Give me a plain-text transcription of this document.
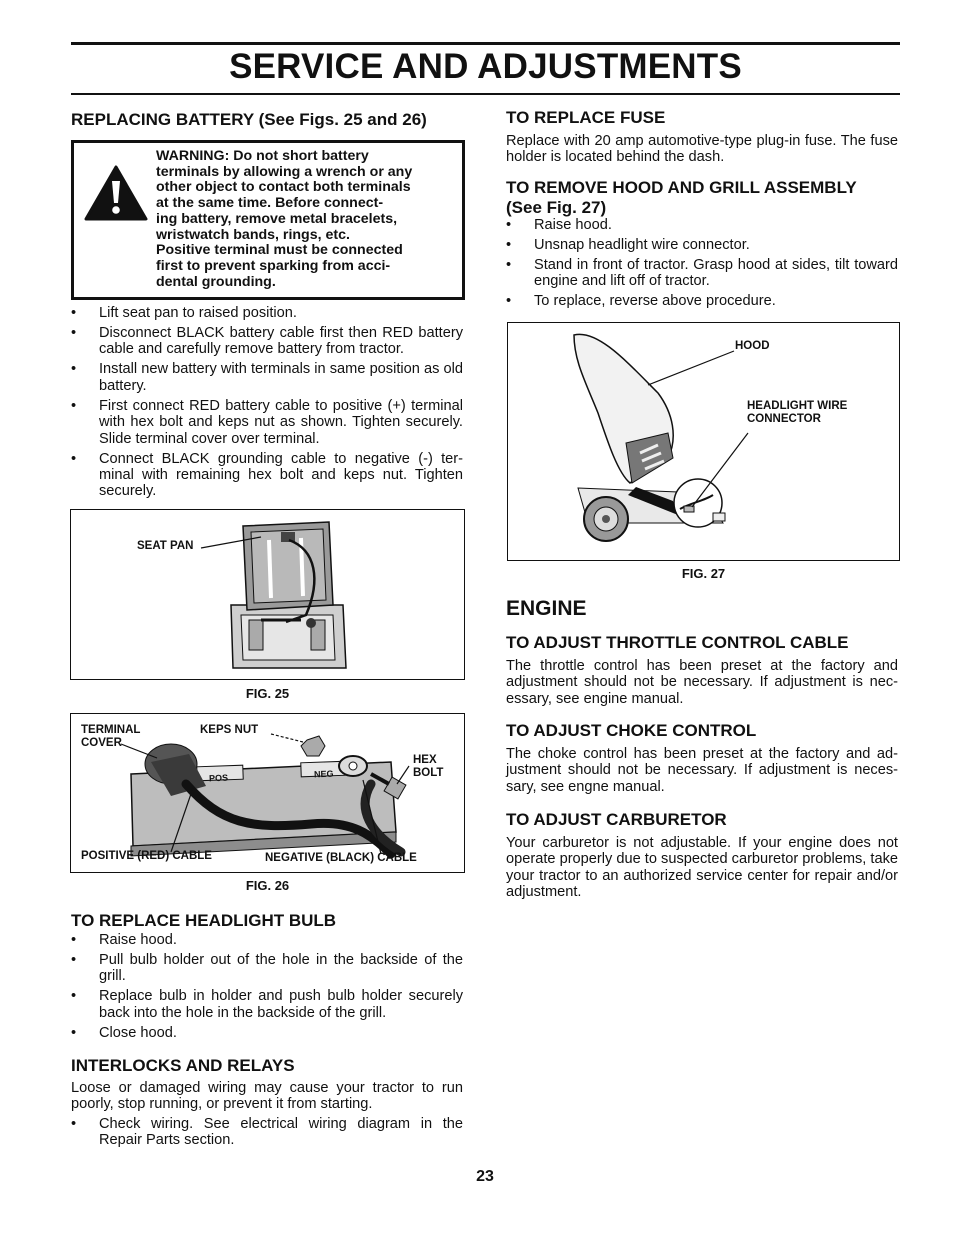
SERVICE AND ADJUSTMENTS
REPLACING BATTERY (See Figs. 25 and 26)
WARNING: Do not short battery
terminals by allowing a wrench or any
other object to contact both terminals
at the same time. Before connect-
ing battery, remove metal bracelets,
wristwatch bands, rings, etc.
Positive terminal must be connected
first to prevent sparking from acci-
dental grounding.
• Lift seat pan to raised position.
• Disconnect BLACK battery cable first then RED battery cable and carefully remove battery from tractor.
• Install new battery with terminals in same position as old battery.
• First connect RED battery cable to positive (+) terminal with hex bolt and keps nut as shown. Tighten securely. Slide terminal cover over terminal.
• Connect BLACK grounding cable to negative (-) ter-minal with remaining hex bolt and keps nut. Tighten securely.
SEAT PAN
FIG. 25
POS	NEG
TERMINAL
COVER
KEPS NUT
HEX
BOLT
POSITIVE (RED) CABLE	NEGATIVE (BLACK) CABLE
FIG. 26
TO REPLACE HEADLIGHT BULB
• Raise hood.
• Pull bulb holder out of the hole in the backside of the grill.
• Replace bulb in holder and push bulb holder securely back into the hole in the backside of the grill.
• Close hood.
INTERLOCKS AND RELAYS

Loose or damaged wiring may cause your tractor to run poorly, stop running, or prevent it from starting.

• Check wiring. See electrical wiring diagram in the Repair Parts section.
TO REPLACE FUSE

Replace with 20 amp automotive-type plug-in fuse. The fuse holder is located behind the dash.

TO REMOVE HOOD AND GRILL ASSEMBLY
(See Fig. 27)
• Raise hood.
• Unsnap headlight wire connector.
• Stand in front of tractor. Grasp hood at sides, tilt toward engine and lift off of tractor.
• To replace, reverse above procedure.
HOOD
HEADLIGHT WIRE
CONNECTOR
FIG. 27
ENGINE
TO ADJUST THROTTLE CONTROL CABLE

The throttle control has been preset at the factory and adjustment should not be necessary. If adjustment is nec-essary, see engine manual.

TO ADJUST CHOKE CONTROL

The choke control has been preset at the factory and ad-justment should not be necessary. If adjustment is neces-sary, see engne manual.

TO ADJUST CARBURETOR

Your carburetor is not adjustable. If your engine does not operate properly due to suspected carburetor problems, take your tractor to an authorized service center for repair and/or adjustment.

23
